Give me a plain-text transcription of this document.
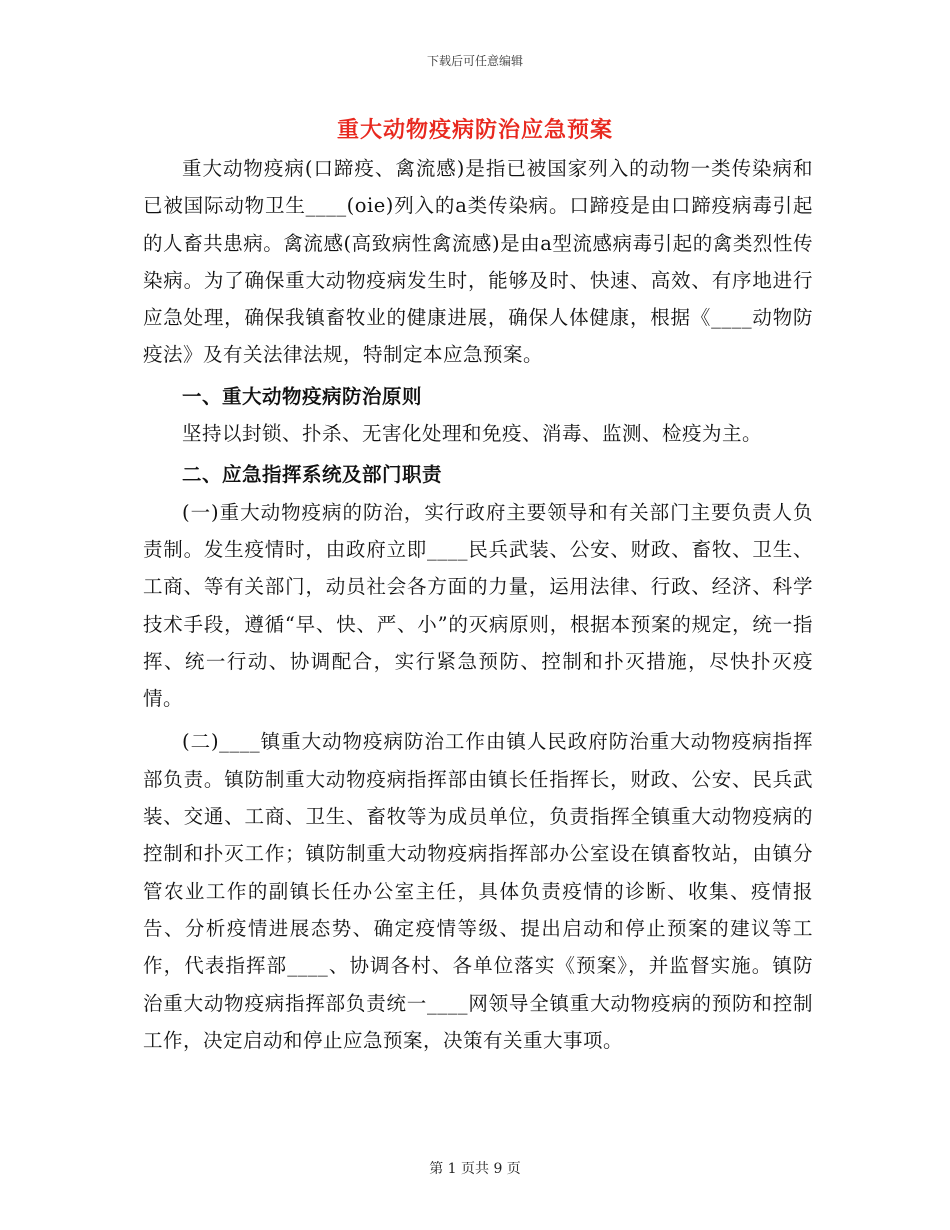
下载后可任意编辑
重大动物疫病防治应急预案

重大动物疫病(口蹄疫、禽流感)是指已被国家列入的动物一类传染病和已被国际动物卫生____(oie)列入的a类传染病。口蹄疫是由口蹄疫病毒引起的人畜共患病。禽流感(高致病性禽流感)是由a型流感病毒引起的禽类烈性传染病。为了确保重大动物疫病发生时，能够及时、快速、高效、有序地进行应急处理，确保我镇畜牧业的健康进展，确保人体健康，根据《____动物防疫法》及有关法律法规，特制定本应急预案。

一、重大动物疫病防治原则

坚持以封锁、扑杀、无害化处理和免疫、消毒、监测、检疫为主。

二、应急指挥系统及部门职责

(一)重大动物疫病的防治，实行政府主要领导和有关部门主要负责人负责制。发生疫情时，由政府立即____民兵武装、公安、财政、畜牧、卫生、工商、等有关部门，动员社会各方面的力量，运用法律、行政、经济、科学技术手段，遵循“早、快、严、小”的灭病原则，根据本预案的规定，统一指挥、统一行动、协调配合，实行紧急预防、控制和扑灭措施，尽快扑灭疫情。

(二)____镇重大动物疫病防治工作由镇人民政府防治重大动物疫病指挥部负责。镇防制重大动物疫病指挥部由镇长任指挥长，财政、公安、民兵武装、交通、工商、卫生、畜牧等为成员单位，负责指挥全镇重大动物疫病的控制和扑灭工作；镇防制重大动物疫病指挥部办公室设在镇畜牧站，由镇分管农业工作的副镇长任办公室主任，具体负责疫情的诊断、收集、疫情报告、分析疫情进展态势、确定疫情等级、提出启动和停止预案的建议等工作，代表指挥部____、协调各村、各单位落实《预案》，并监督实施。镇防治重大动物疫病指挥部负责统一____网领导全镇重大动物疫病的预防和控制工作，决定启动和停止应急预案，决策有关重大事项。

第 1 页共 9 页
